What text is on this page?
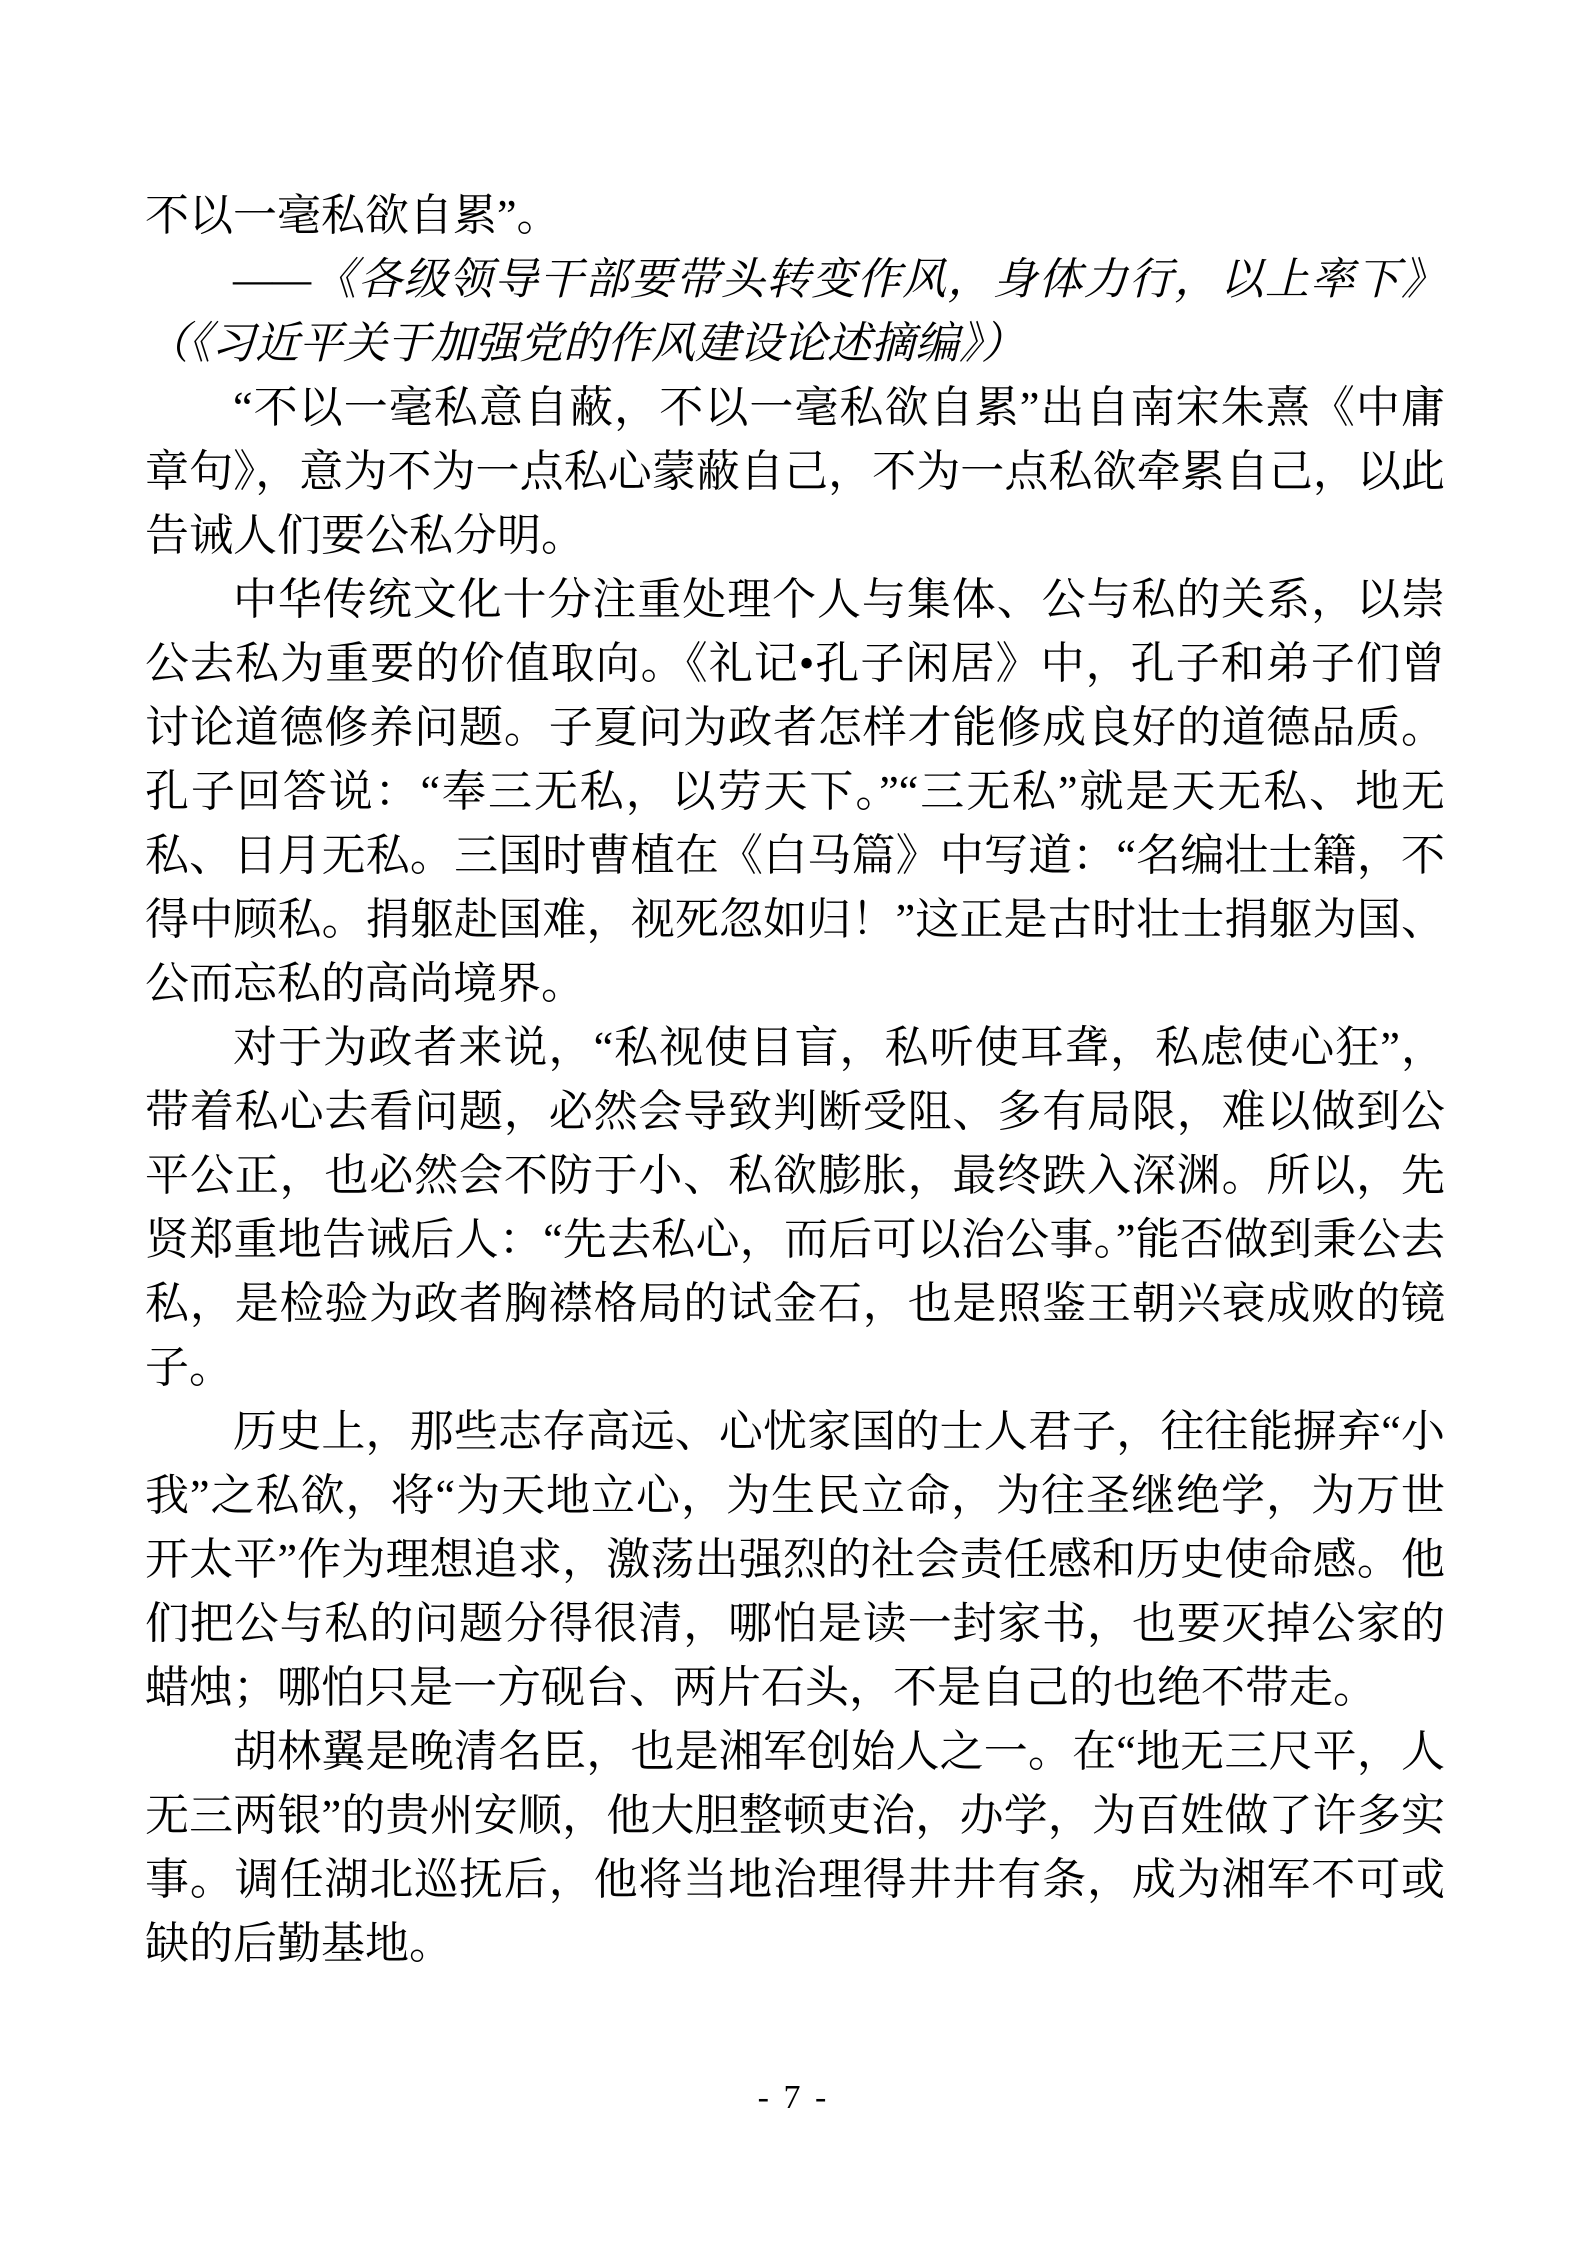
不以一毫私欲自累”。

——《各级领导干部要带头转变作风，身体力行，以上率下》（《习近平关于加强党的作风建设论述摘编》）

“不以一毫私意自蔽，不以一毫私欲自累”出自南宋朱熹《中庸章句》，意为不为一点私心蒙蔽自己，不为一点私欲牵累自己，以此告诫人们要公私分明。

中华传统文化十分注重处理个人与集体、公与私的关系，以崇公去私为重要的价值取向。《礼记•孔子闲居》中，孔子和弟子们曾讨论道德修养问题。子夏问为政者怎样才能修成良好的道德品质。孔子回答说：“奉三无私，以劳天下。”“三无私”就是天无私、地无私、日月无私。三国时曹植在《白马篇》中写道：“名编壮士籍，不得中顾私。捐躯赴国难，视死忽如归！”这正是古时壮士捐躯为国、公而忘私的高尚境界。

对于为政者来说，“私视使目盲，私听使耳聋，私虑使心狂”，带着私心去看问题，必然会导致判断受阻、多有局限，难以做到公平公正，也必然会不防于小、私欲膨胀，最终跌入深渊。所以，先贤郑重地告诫后人：“先去私心，而后可以治公事。”能否做到秉公去私，是检验为政者胸襟格局的试金石，也是照鉴王朝兴衰成败的镜子。

历史上，那些志存高远、心忧家国的士人君子，往往能摒弃“小我”之私欲，将“为天地立心，为生民立命，为往圣继绝学，为万世开太平”作为理想追求，激荡出强烈的社会责任感和历史使命感。他们把公与私的问题分得很清，哪怕是读一封家书，也要灭掉公家的蜡烛；哪怕只是一方砚台、两片石头，不是自己的也绝不带走。

胡林翼是晚清名臣，也是湘军创始人之一。在“地无三尺平，人无三两银”的贵州安顺，他大胆整顿吏治，办学，为百姓做了许多实事。调任湖北巡抚后，他将当地治理得井井有条，成为湘军不可或缺的后勤基地。

- 7 -
